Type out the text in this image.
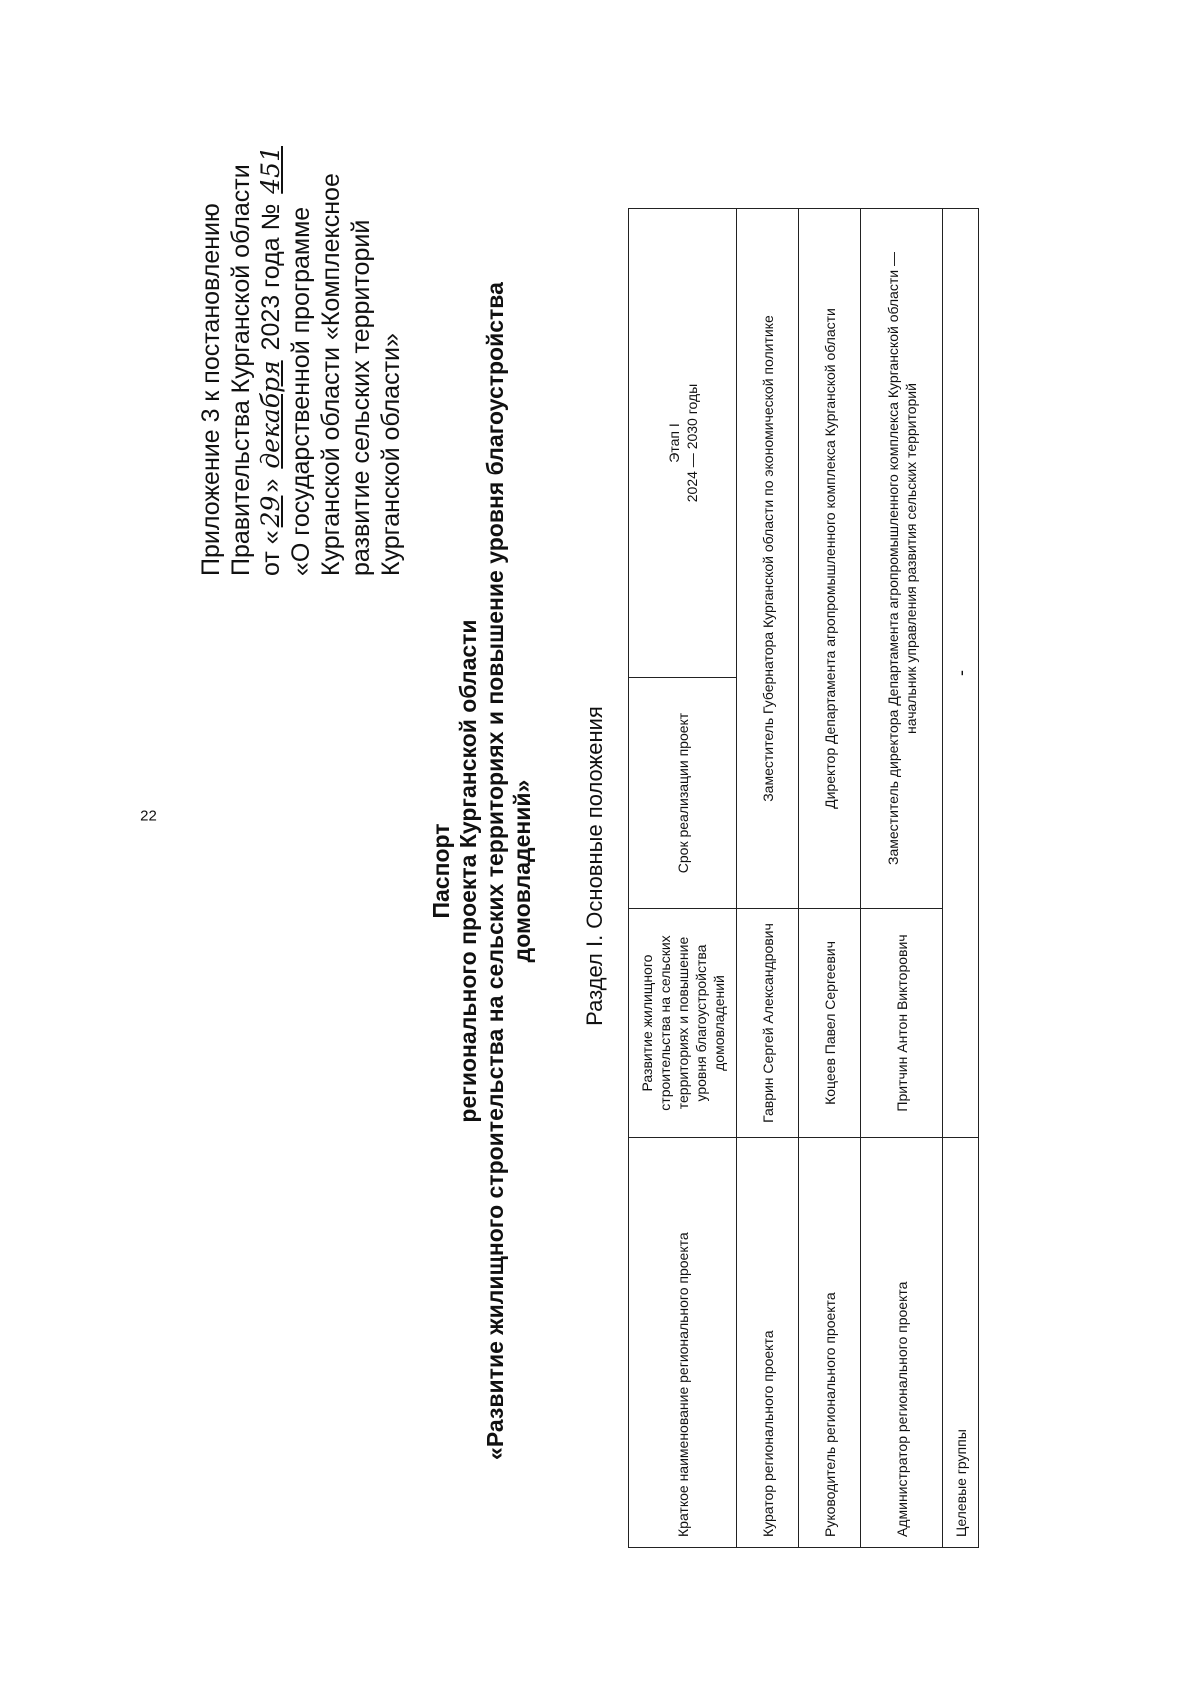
22
Приложение 3 к постановлению Правительства Курганской области от «29» декабря 2023 года № 451
«О государственной программе Курганской области «Комплексное развитие сельских территорий Курганской области»
Паспорт регионального проекта Курганской области «Развитие жилищного строительства на сельских территориях и повышение уровня благоустройства домовладений» Раздел I. Основные положения
Краткое наименование регионального проекта	Развитие жилищного строительства на сельских территориях и повышение уровня благоустройства домовладений	Срок реализации проект	Этап I 2024 — 2030 годы

Куратор регионального проекта	Гаврин Сергей Александрович	Заместитель Губернатора Курганской области по экономической политике	
Руководитель регионального проекта	Коцеев Павел Сергеевич	Директор Департамента агропромышленного комплекса Курганской области	
Администратор регионального проекта	Притчин Антон Викторович	Заместитель директора Департамента агропромышленного комплекса Курганской области — начальник управления развития сельских территорий	
Целевые группы	-		
